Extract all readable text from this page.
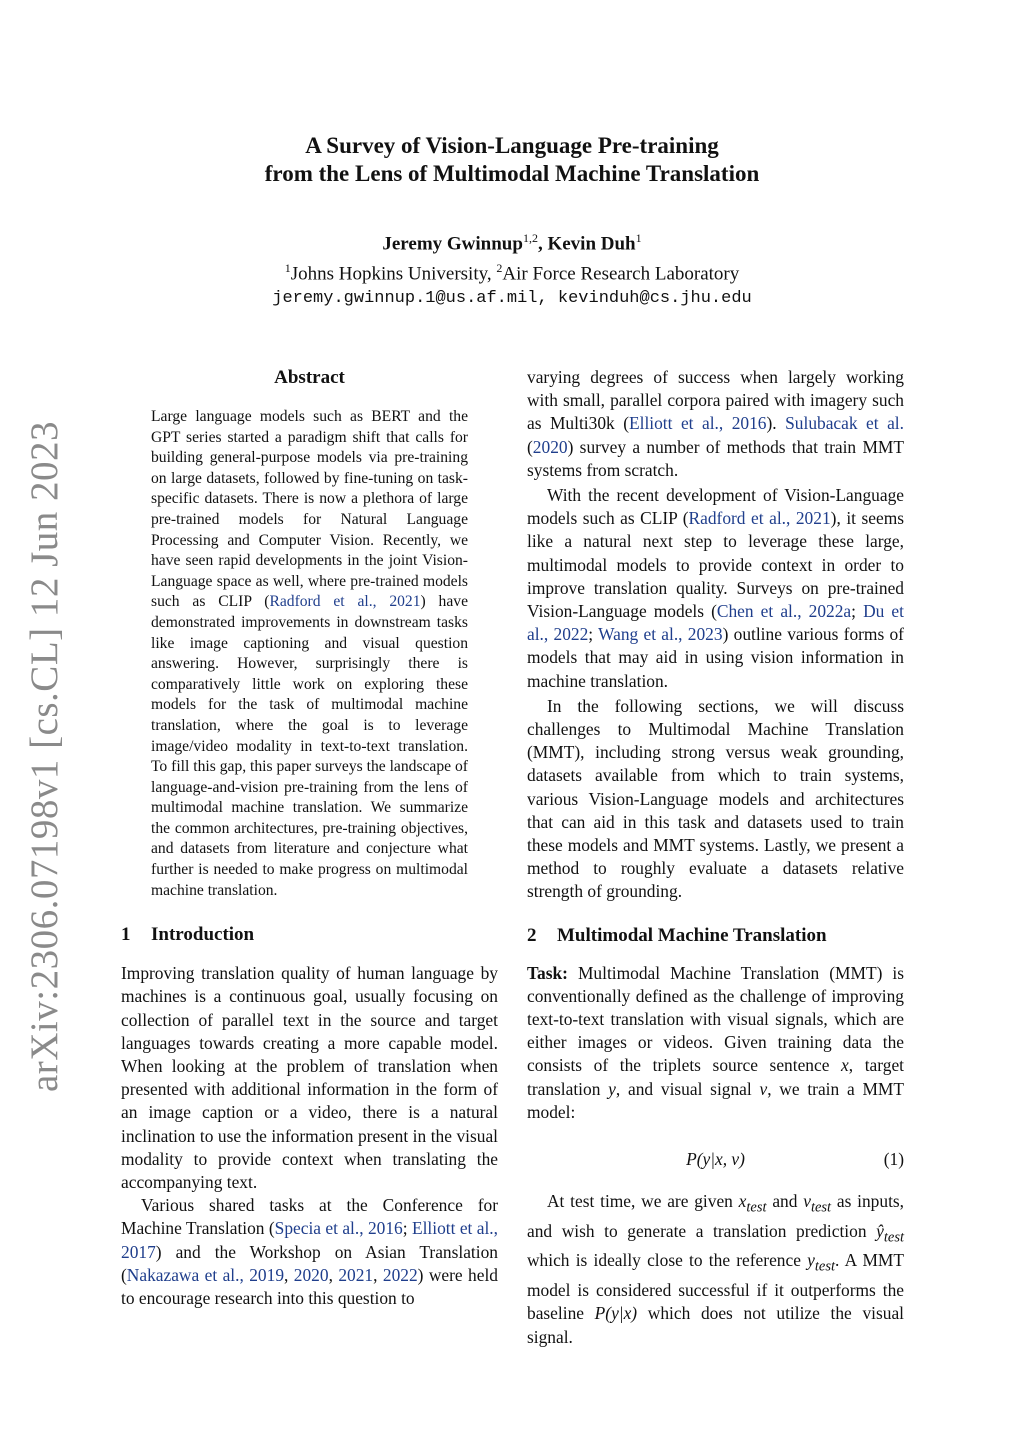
arXiv:2306.07198v1 [cs.CL] 12 Jun 2023
A Survey of Vision-Language Pre-training
from the Lens of Multimodal Machine Translation
Jeremy Gwinnup$^{1,2}$, Kevin Duh$^1$
$^1$Johns Hopkins University, $^2$Air Force Research Laboratory
jeremy.gwinnup.1@us.af.mil, kevinduh@cs.jhu.edu
Abstract
Large language models such as BERT and the GPT series started a paradigm shift that calls for building general-purpose models via pre-training on large datasets, followed by fine-tuning on task-specific datasets. There is now a plethora of large pre-trained models for Natural Language Processing and Computer Vision. Recently, we have seen rapid developments in the joint Vision-Language space as well, where pre-trained models such as CLIP (Radford et al., 2021) have demonstrated improvements in downstream tasks like image captioning and visual question answering. However, surprisingly there is comparatively little work on exploring these models for the task of multimodal machine translation, where the goal is to leverage image/video modality in text-to-text translation. To fill this gap, this paper surveys the landscape of language-and-vision pre-training from the lens of multimodal machine translation. We summarize the common architectures, pre-training objectives, and datasets from literature and conjecture what further is needed to make progress on multimodal machine translation.
1 Introduction

Improving translation quality of human language by machines is a continuous goal, usually focusing on collection of parallel text in the source and target languages towards creating a more capable model. When looking at the problem of translation when presented with additional information in the form of an image caption or a video, there is a natural inclination to use the information present in the visual modality to provide context when translating the accompanying text.

Various shared tasks at the Conference for Machine Translation (Specia et al., 2016; Elliott et al., 2017) and the Workshop on Asian Translation (Nakazawa et al., 2019, 2020, 2021, 2022) were held to encourage research into this question to

varying degrees of success when largely working with small, parallel corpora paired with imagery such as Multi30k (Elliott et al., 2016). Sulubacak et al. (2020) survey a number of methods that train MMT systems from scratch.

With the recent development of Vision-Language models such as CLIP (Radford et al., 2021), it seems like a natural next step to leverage these large, multimodal models to provide context in order to improve translation quality. Surveys on pre-trained Vision-Language models (Chen et al., 2022a; Du et al., 2022; Wang et al., 2023) outline various forms of models that may aid in using vision information in machine translation.

In the following sections, we will discuss challenges to Multimodal Machine Translation (MMT), including strong versus weak grounding, datasets available from which to train systems, various Vision-Language models and architectures that can aid in this task and datasets used to train these models and MMT systems. Lastly, we present a method to roughly evaluate a datasets relative strength of grounding.

2 Multimodal Machine Translation

Task: Multimodal Machine Translation (MMT) is conventionally defined as the challenge of improving text-to-text translation with visual signals, which are either images or videos. Given training data the consists of the triplets source sentence x, target translation y, and visual signal v, we train a MMT model:

P(y|x, v)	(1)

At test time, we are given $x_{test}$ and $v_{test}$ as inputs, and wish to generate a translation prediction $ŷ_{test}$ which is ideally close to the reference $y_{test}$. A MMT model is considered successful if it outperforms the baseline P(y|x) which does not utilize the visual signal.
